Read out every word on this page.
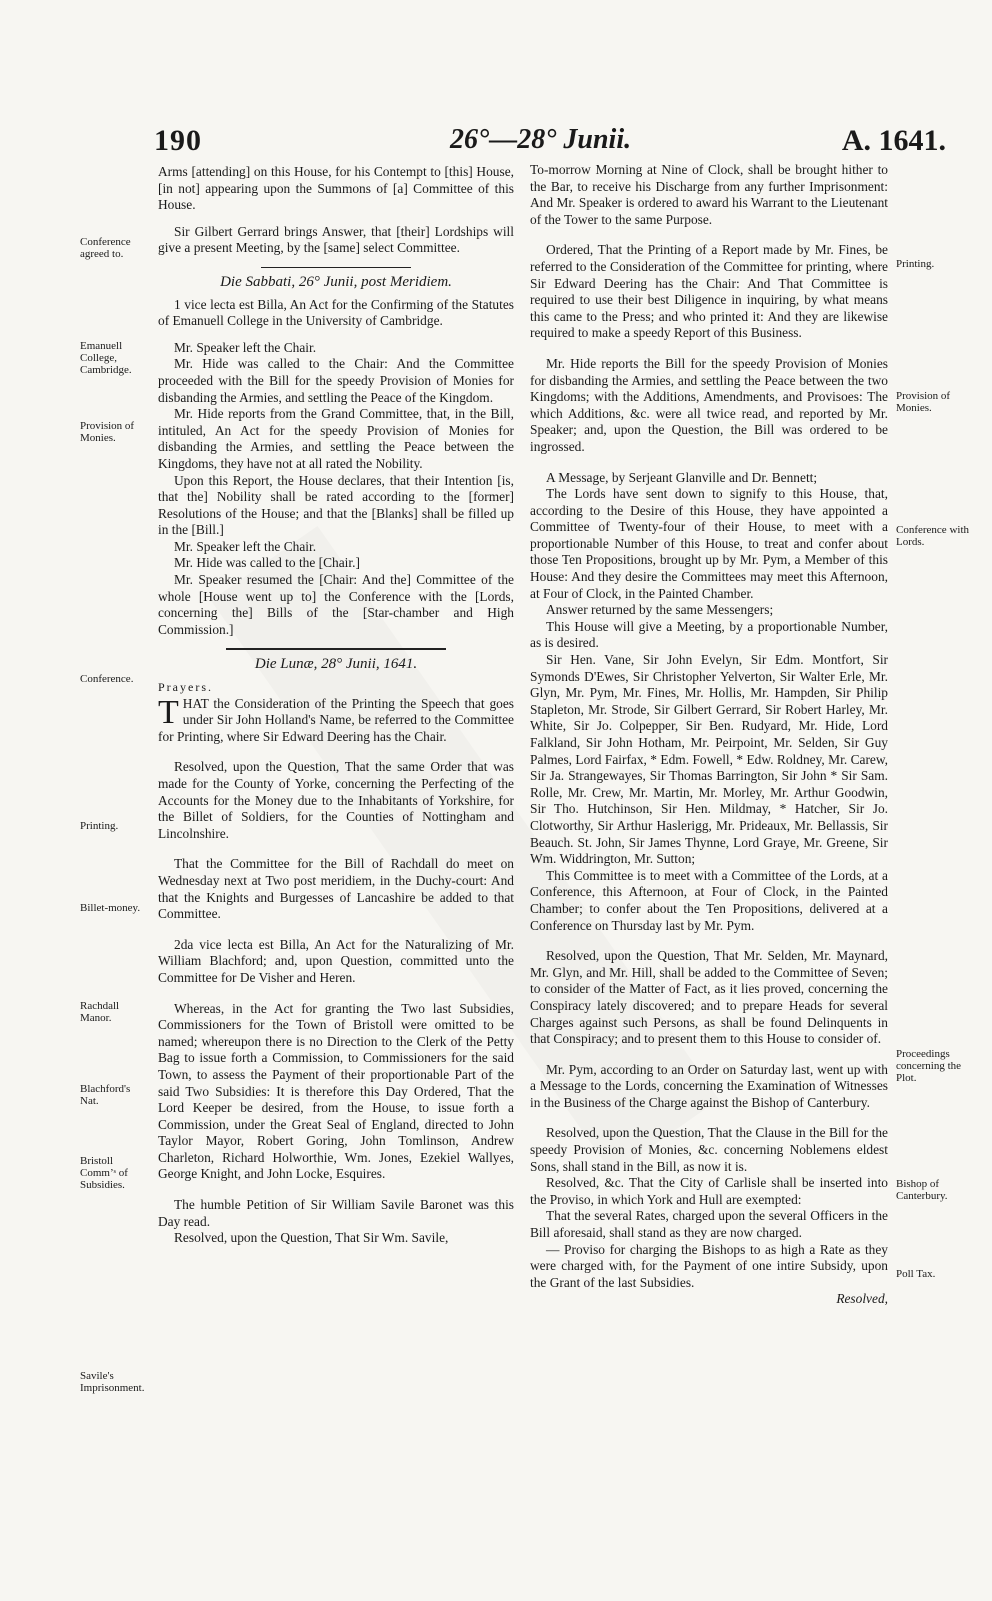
190	26°—28° Junii.	A. 1641.

Arms [attending] on this House, for his Contempt to [this] House, [in not] appearing upon the Summons of [a] Committee of this House.

Sir Gilbert Gerrard brings Answer, that [their] Lordships will give a present Meeting, by the [same] select Committee.

Die Sabbati, 26° Junii, post Meridiem.

1 vice lecta est Billa, An Act for the Confirming of the Statutes of Emanuell College in the University of Cambridge.

Mr. Speaker left the Chair.

Mr. Hide was called to the Chair: And the Committee proceeded with the Bill for the speedy Provision of Monies for disbanding the Armies, and settling the Peace of the Kingdom.

Mr. Hide reports from the Grand Committee, that, in the Bill, intituled, An Act for the speedy Provision of Monies for disbanding the Armies, and settling the Peace between the Kingdoms, they have not at all rated the Nobility.

Upon this Report, the House declares, that their Intention [is, that the] Nobility shall be rated according to the [former] Resolutions of the House; and that the [Blanks] shall be filled up in the [Bill.]

Mr. Speaker left the Chair.

Mr. Hide was called to the [Chair.]

Mr. Speaker resumed the [Chair: And the] Committee of the whole [House went up to] the Conference with the [Lords, concerning the] Bills of the [Star-chamber and High Commission.]

Die Lunæ, 28° Junii, 1641.

Prayers.

THAT the Consideration of the Printing the Speech that goes under Sir John Holland's Name, be referred to the Committee for Printing, where Sir Edward Deering has the Chair.

Resolved, upon the Question, That the same Order that was made for the County of Yorke, concerning the Perfecting of the Accounts for the Money due to the Inhabitants of Yorkshire, for the Billet of Soldiers, for the Counties of Nottingham and Lincolnshire.

That the Committee for the Bill of Rachdall do meet on Wednesday next at Two post meridiem, in the Duchy-court: And that the Knights and Burgesses of Lancashire be added to that Committee.

2da vice lecta est Billa, An Act for the Naturalizing of Mr. William Blachford; and, upon Question, committed unto the Committee for De Visher and Heren.

Whereas, in the Act for granting the Two last Subsidies, Commissioners for the Town of Bristoll were omitted to be named; whereupon there is no Direction to the Clerk of the Petty Bag to issue forth a Commission, to Commissioners for the said Town, to assess the Payment of their proportionable Part of the said Two Subsidies: It is therefore this Day Ordered, That the Lord Keeper be desired, from the House, to issue forth a Commission, under the Great Seal of England, directed to John Taylor Mayor, Robert Goring, John Tomlinson, Andrew Charleton, Richard Holworthie, Wm. Jones, Ezekiel Wallyes, George Knight, and John Locke, Esquires.

The humble Petition of Sir William Savile Baronet was this Day read.

Resolved, upon the Question, That Sir Wm. Savile,

To-morrow Morning at Nine of Clock, shall be brought hither to the Bar, to receive his Discharge from any further Imprisonment: And Mr. Speaker is ordered to award his Warrant to the Lieutenant of the Tower to the same Purpose.

Ordered, That the Printing of a Report made by Mr. Fines, be referred to the Consideration of the Committee for printing, where Sir Edward Deering has the Chair: And That Committee is required to use their best Diligence in inquiring, by what means this came to the Press; and who printed it: And they are likewise required to make a speedy Report of this Business.

Mr. Hide reports the Bill for the speedy Provision of Monies for disbanding the Armies, and settling the Peace between the two Kingdoms; with the Additions, Amendments, and Provisoes: The which Additions, &c. were all twice read, and reported by Mr. Speaker; and, upon the Question, the Bill was ordered to be ingrossed.

A Message, by Serjeant Glanville and Dr. Bennett;

The Lords have sent down to signify to this House, that, according to the Desire of this House, they have appointed a Committee of Twenty-four of their House, to meet with a proportionable Number of this House, to treat and confer about those Ten Propositions, brought up by Mr. Pym, a Member of this House: And they desire the Committees may meet this Afternoon, at Four of Clock, in the Painted Chamber.

Answer returned by the same Messengers;

This House will give a Meeting, by a proportionable Number, as is desired.

Sir Hen. Vane, Sir John Evelyn, Sir Edm. Montfort, Sir Symonds D'Ewes, Sir Christopher Yelverton, Sir Walter Erle, Mr. Glyn, Mr. Pym, Mr. Fines, Mr. Hollis, Mr. Hampden, Sir Philip Stapleton, Mr. Strode, Sir Gilbert Gerrard, Sir Robert Harley, Mr. White, Sir Jo. Colpepper, Sir Ben. Rudyard, Mr. Hide, Lord Falkland, Sir John Hotham, Mr. Peirpoint, Mr. Selden, Sir Guy Palmes, Lord Fairfax, * Edm. Fowell, * Edw. Roldney, Mr. Carew, Sir Ja. Strangewayes, Sir Thomas Barrington, Sir John * Sir Sam. Rolle, Mr. Crew, Mr. Martin, Mr. Morley, Mr. Arthur Goodwin, Sir Tho. Hutchinson, Sir Hen. Mildmay, * Hatcher, Sir Jo. Clotworthy, Sir Arthur Haslerigg, Mr. Prideaux, Mr. Bellassis, Sir Beauch. St. John, Sir James Thynne, Lord Graye, Mr. Greene, Sir Wm. Widdrington, Mr. Sutton;

This Committee is to meet with a Committee of the Lords, at a Conference, this Afternoon, at Four of Clock, in the Painted Chamber; to confer about the Ten Propositions, delivered at a Conference on Thursday last by Mr. Pym.

Resolved, upon the Question, That Mr. Selden, Mr. Maynard, Mr. Glyn, and Mr. Hill, shall be added to the Committee of Seven; to consider of the Matter of Fact, as it lies proved, concerning the Conspiracy lately discovered; and to prepare Heads for several Charges against such Persons, as shall be found Delinquents in that Conspiracy; and to present them to this House to consider of.

Mr. Pym, according to an Order on Saturday last, went up with a Message to the Lords, concerning the Examination of Witnesses in the Business of the Charge against the Bishop of Canterbury.

Resolved, upon the Question, That the Clause in the Bill for the speedy Provision of Monies, &c. concerning Noblemens eldest Sons, shall stand in the Bill, as now it is.

Resolved, &c. That the City of Carlisle shall be inserted into the Proviso, in which York and Hull are exempted:

That the several Rates, charged upon the several Officers in the Bill aforesaid, shall stand as they are now charged.

— Proviso for charging the Bishops to as high a Rate as they were charged with, for the Payment of one intire Subsidy, upon the Grant of the last Subsidies.

Resolved,

Conference agreed to.
Emanuell College, Cambridge.
Provision of Monies.
Conference.
Printing.
Billet-money.
Rachdall Manor.
Blachford's Nat.
Bristoll Comm’ˢ of Subsidies.
Savile's Imprisonment.
Printing.
Provision of Monies.
Conference with Lords.
Proceedings concerning the Plot.
Bishop of Canterbury.
Poll Tax.
